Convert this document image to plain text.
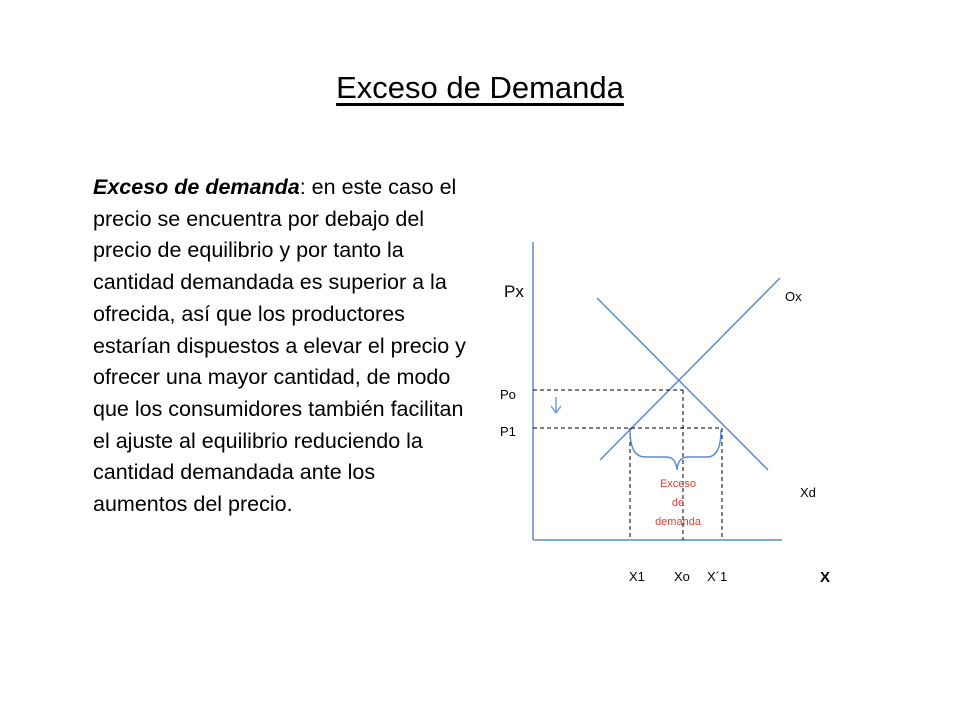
Exceso de Demanda
Exceso de demanda: en este caso el precio se encuentra por debajo del precio de equilibrio y por tanto la cantidad demandada es superior a la ofrecida, así que los productores estarían dispuestos a elevar el precio y ofrecer una mayor cantidad, de modo que los consumidores también facilitan el ajuste al equilibrio reduciendo la cantidad demandada ante los aumentos del precio.
Px	Ox
Xd
Po
P1
X1 Xo X´1	X
Exceso
de
demanda
